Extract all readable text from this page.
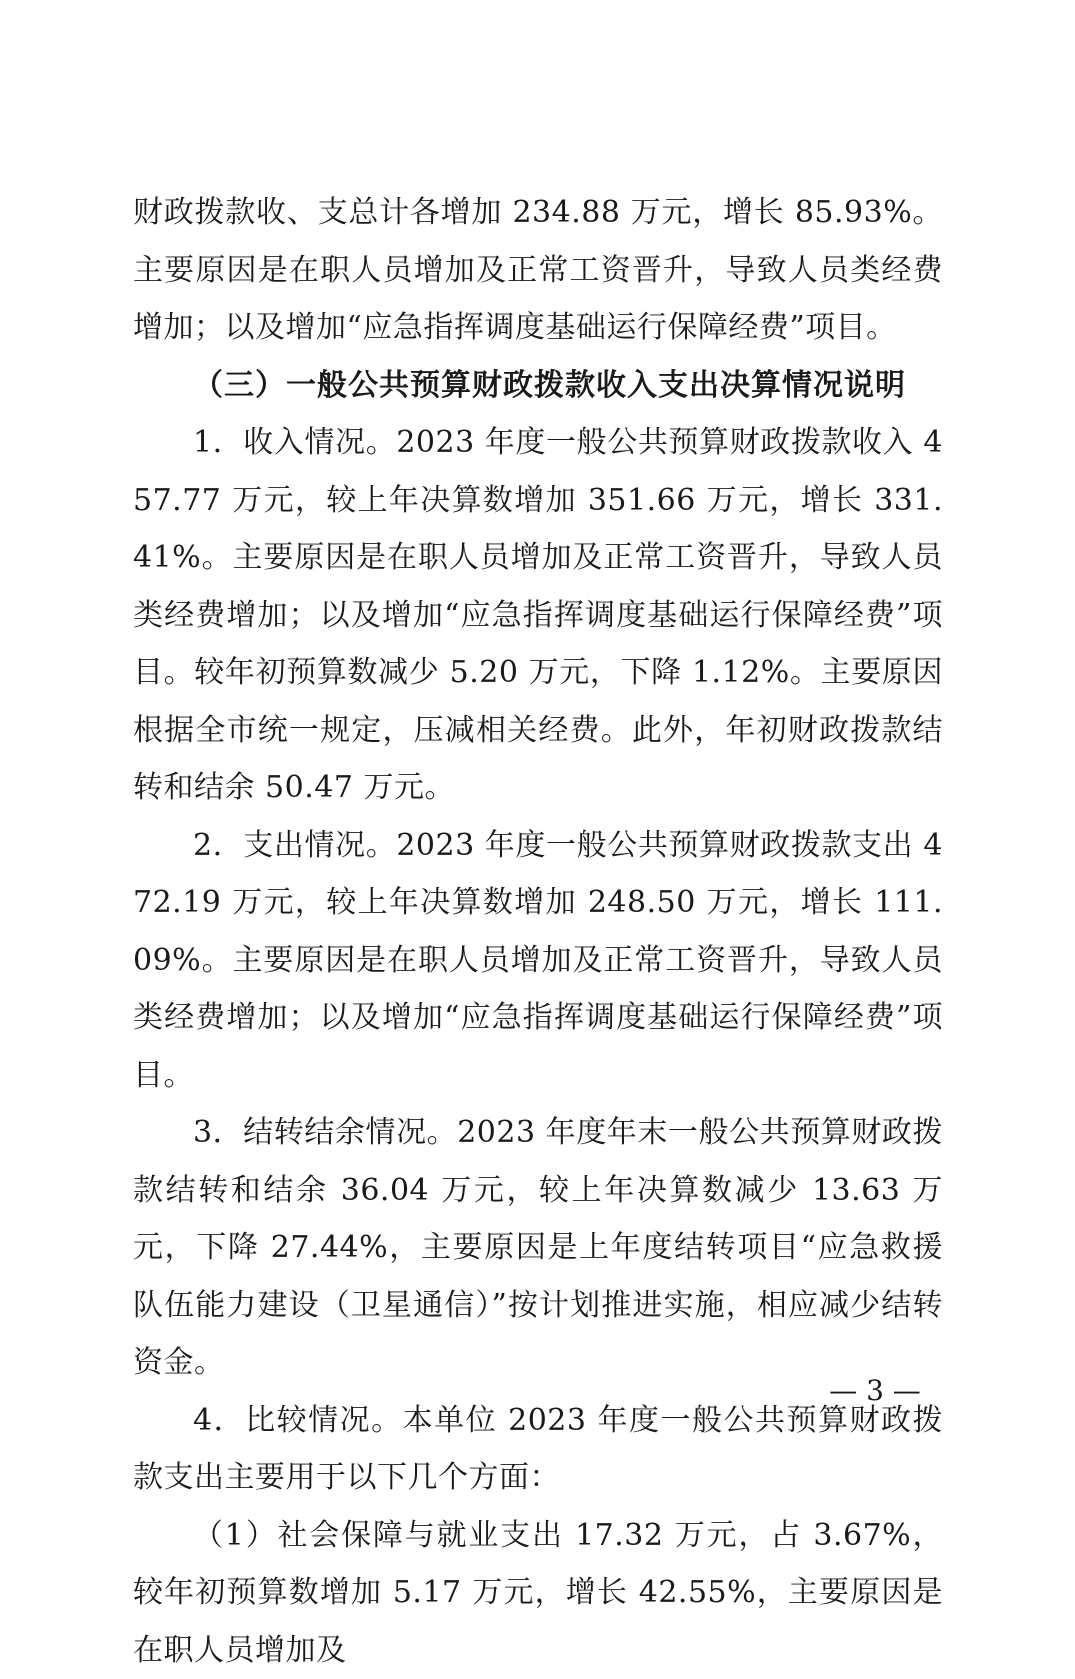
财政拨款收、支总计各增加 234.88 万元，增长 85.93%。主要原因是在职人员增加及正常工资晋升，导致人员类经费增加；以及增加“应急指挥调度基础运行保障经费”项目。

（三）一般公共预算财政拨款收入支出决算情况说明

1．收入情况。2023 年度一般公共预算财政拨款收入 457.77 万元，较上年决算数增加 351.66 万元，增长 331.41%。主要原因是在职人员增加及正常工资晋升，导致人员类经费增加；以及增加“应急指挥调度基础运行保障经费”项目。较年初预算数减少 5.20 万元，下降 1.12%。主要原因根据全市统一规定，压减相关经费。此外，年初财政拨款结转和结余 50.47 万元。

2．支出情况。2023 年度一般公共预算财政拨款支出 472.19 万元，较上年决算数增加 248.50 万元，增长 111.09%。主要原因是在职人员增加及正常工资晋升，导致人员类经费增加；以及增加“应急指挥调度基础运行保障经费”项目。

3．结转结余情况。2023 年度年末一般公共预算财政拨款结转和结余 36.04 万元，较上年决算数减少 13.63 万元，下降 27.44%，主要原因是上年度结转项目“应急救援队伍能力建设（卫星通信）”按计划推进实施，相应减少结转资金。

4．比较情况。本单位 2023 年度一般公共预算财政拨款支出主要用于以下几个方面：

（1）社会保障与就业支出 17.32 万元，占 3.67%，较年初预算数增加 5.17 万元，增长 42.55%，主要原因是在职人员增加及

— 3 —
